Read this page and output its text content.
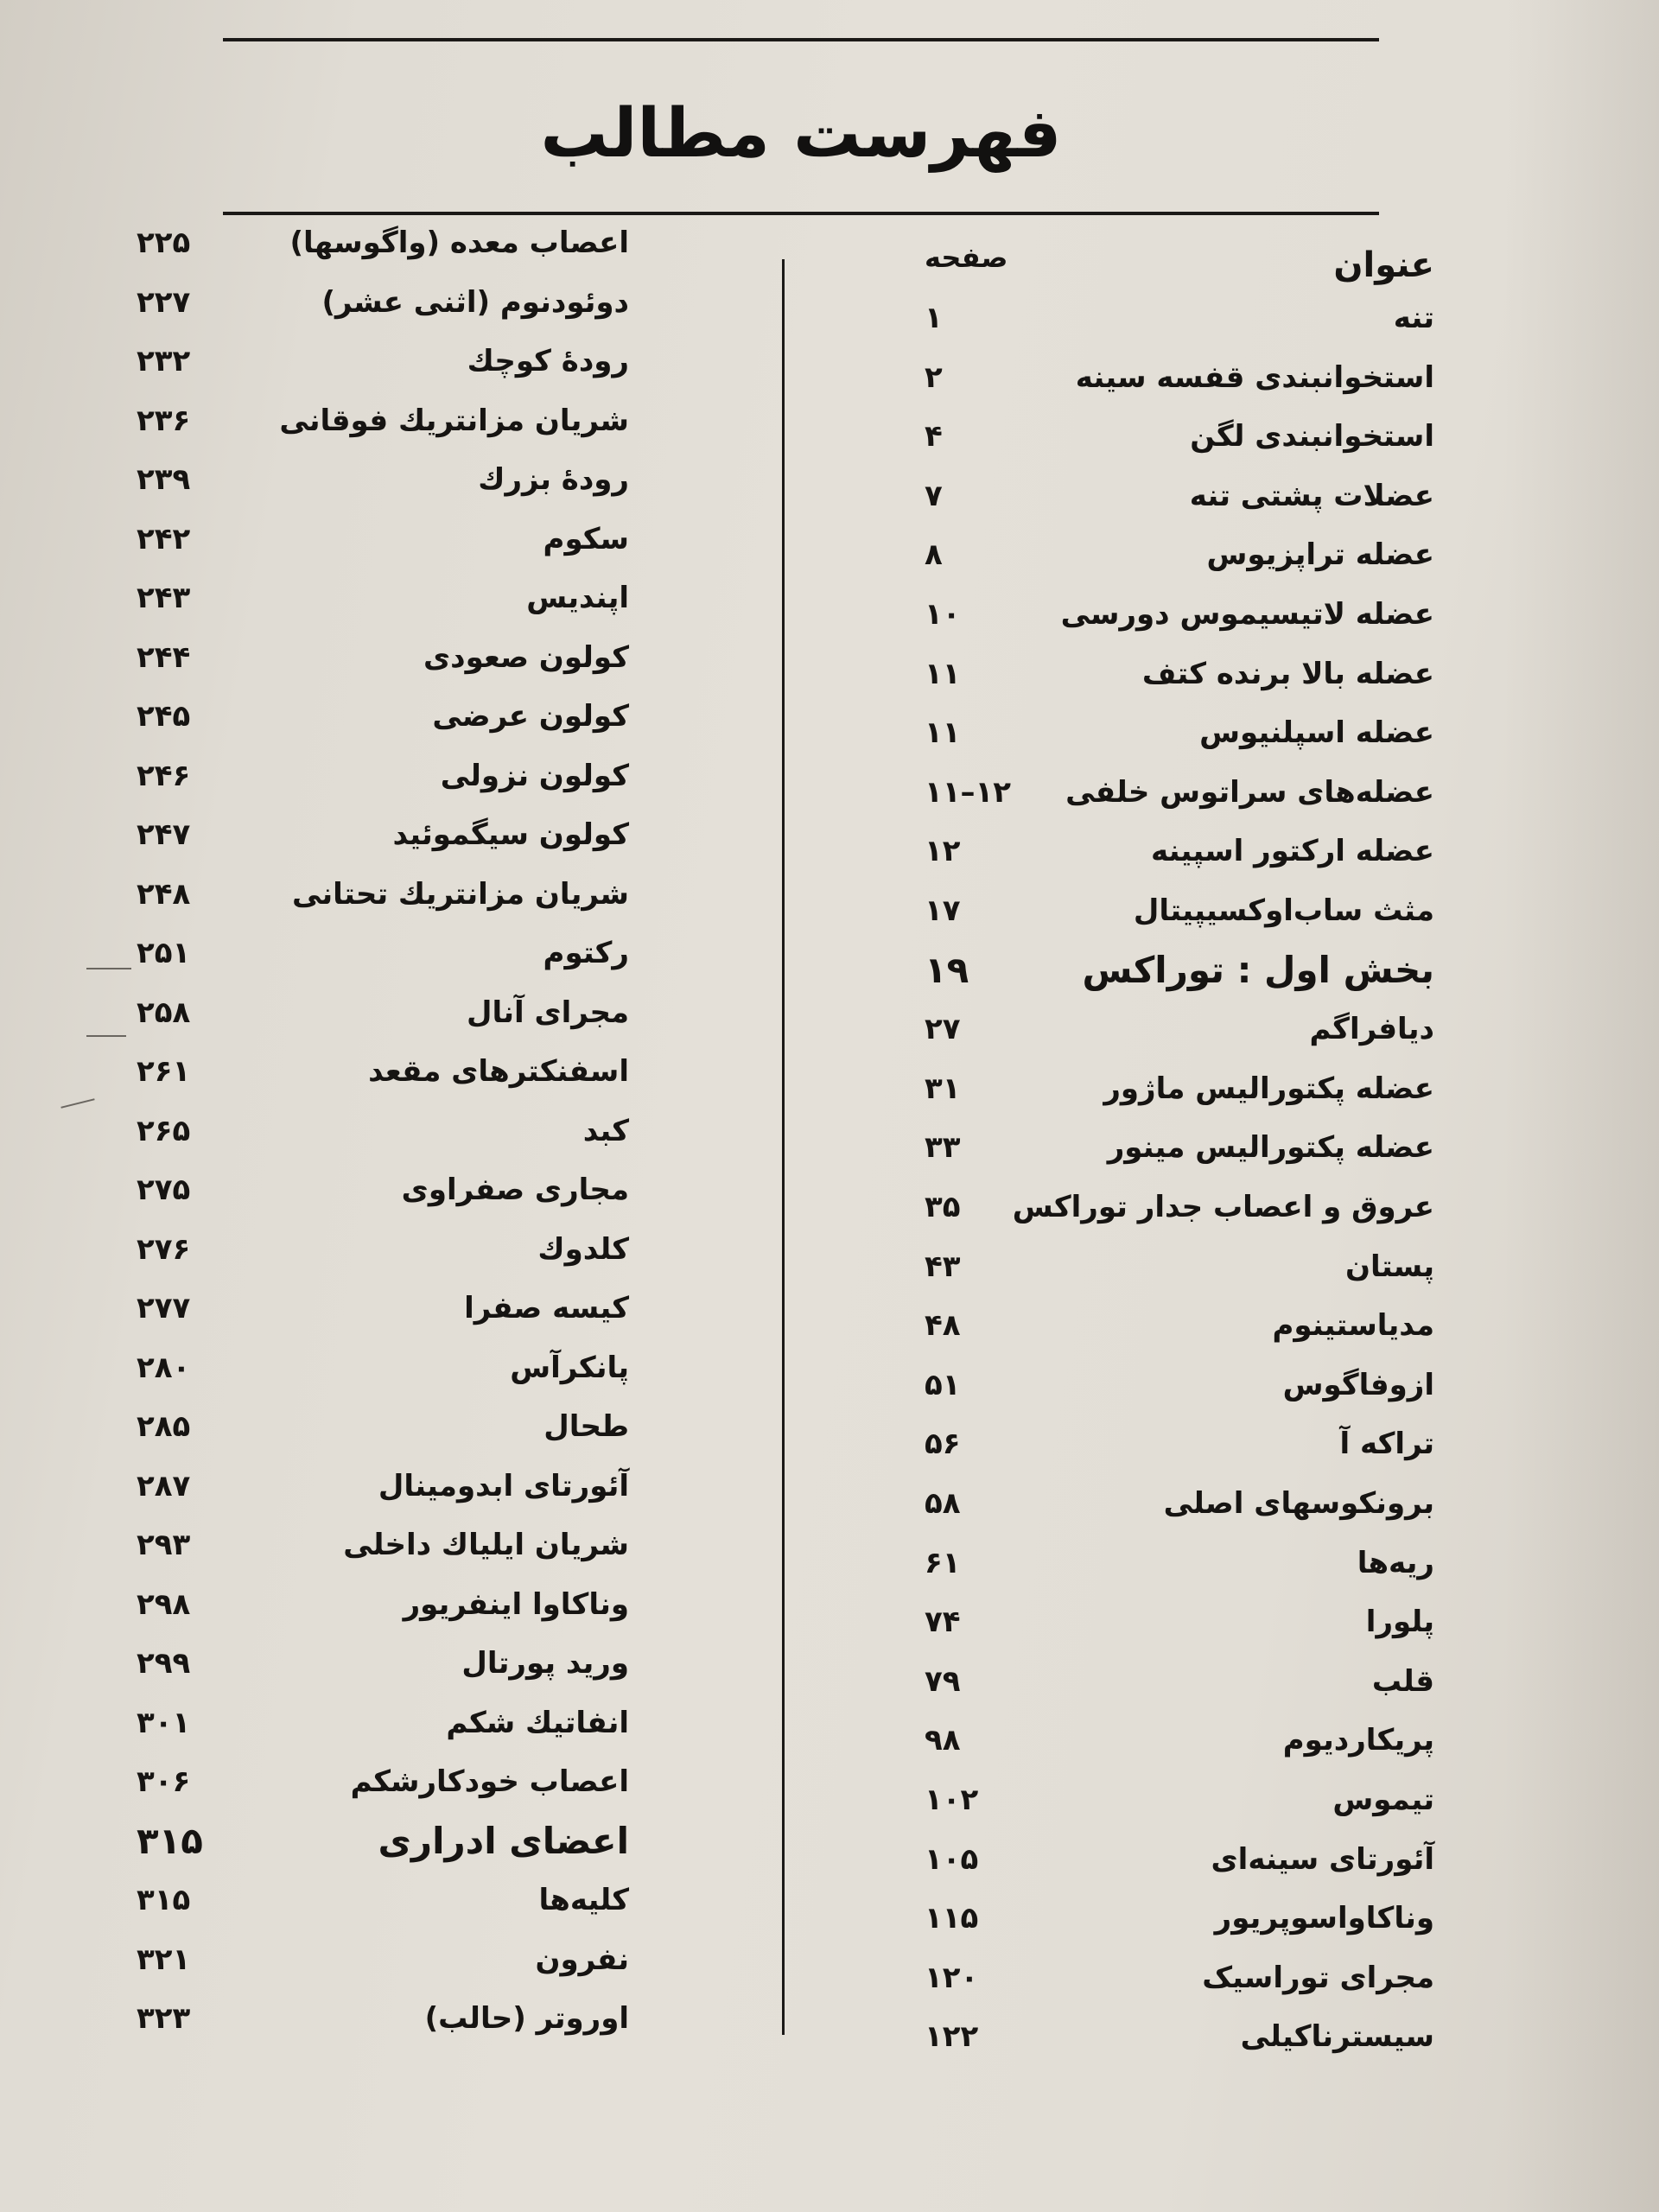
فهرست مطالب
عنوان
صفحه
تنه
۱
استخوانبندی قفسه سینه
۲
استخوانبندی لگن
۴
عضلات پشتی تنه
۷
عضله تراپزیوس
۸
عضله لاتیسیموس دورسی
۱۰
عضله بالا برنده کتف
۱۱
عضله اسپلنیوس
۱۱
عضله‌های سراتوس خلفی
۱۱–۱۲
عضله ارکتور اسپینه
۱۲
مثث ساب‌اوکسیپیتال
۱۷
بخش اول : توراکس
۱۹
دیافراگم
۲۷
عضله پکتورالیس ماژور
۳۱
عضله پکتورالیس مینور
۳۳
عروق و اعصاب جدار توراکس
۳۵
پستان
۴۳
مدیاستینوم
۴۸
ازوفاگوس
۵۱
تراکه آ
۵۶
برونکوسهای اصلی
۵۸
ریه‌ها
۶۱
پلورا
۷۴
قلب
۷۹
پریکاردیوم
۹۸
تیموس
۱۰۲
آئورتای سینه‌ای
۱۰۵
وناکاواسوپریور
۱۱۵
مجرای توراسیک
۱۲۰
سیسترناکیلی
۱۲۲
اعصاب معده (واگوسها)
۲۲۵
دوئودنوم (اثنی عشر)
۲۲۷
رودهٔ کوچك
۲۳۲
شریان مزانتریك فوقانی
۲۳۶
رودهٔ بزرك
۲۳۹
سکوم
۲۴۲
اپندیس
۲۴۳
کولون صعودی
۲۴۴
کولون عرضی
۲۴۵
کولون نزولی
۲۴۶
کولون سیگموئید
۲۴۷
شریان مزانتریك تحتانی
۲۴۸
رکتوم
۲۵۱
مجرای آنال
۲۵۸
اسفنکترهای مقعد
۲۶۱
کبد
۲۶۵
مجاری صفراوی
۲۷۵
کلدوك
۲۷۶
کیسه صفرا
۲۷۷
پانکرآس
۲۸۰
طحال
۲۸۵
آئورتای ابدومینال
۲۸۷
شریان ایلیاك داخلی
۲۹۳
وناکاوا اینفریور
۲۹۸
ورید پورتال
۲۹۹
انفاتیك شکم
۳۰۱
اعصاب خودکارشکم
۳۰۶
اعضای ادراری
۳۱۵
کلیه‌ها
۳۱۵
نفرون
۳۲۱
اوروتر (حالب)
۳۲۳
